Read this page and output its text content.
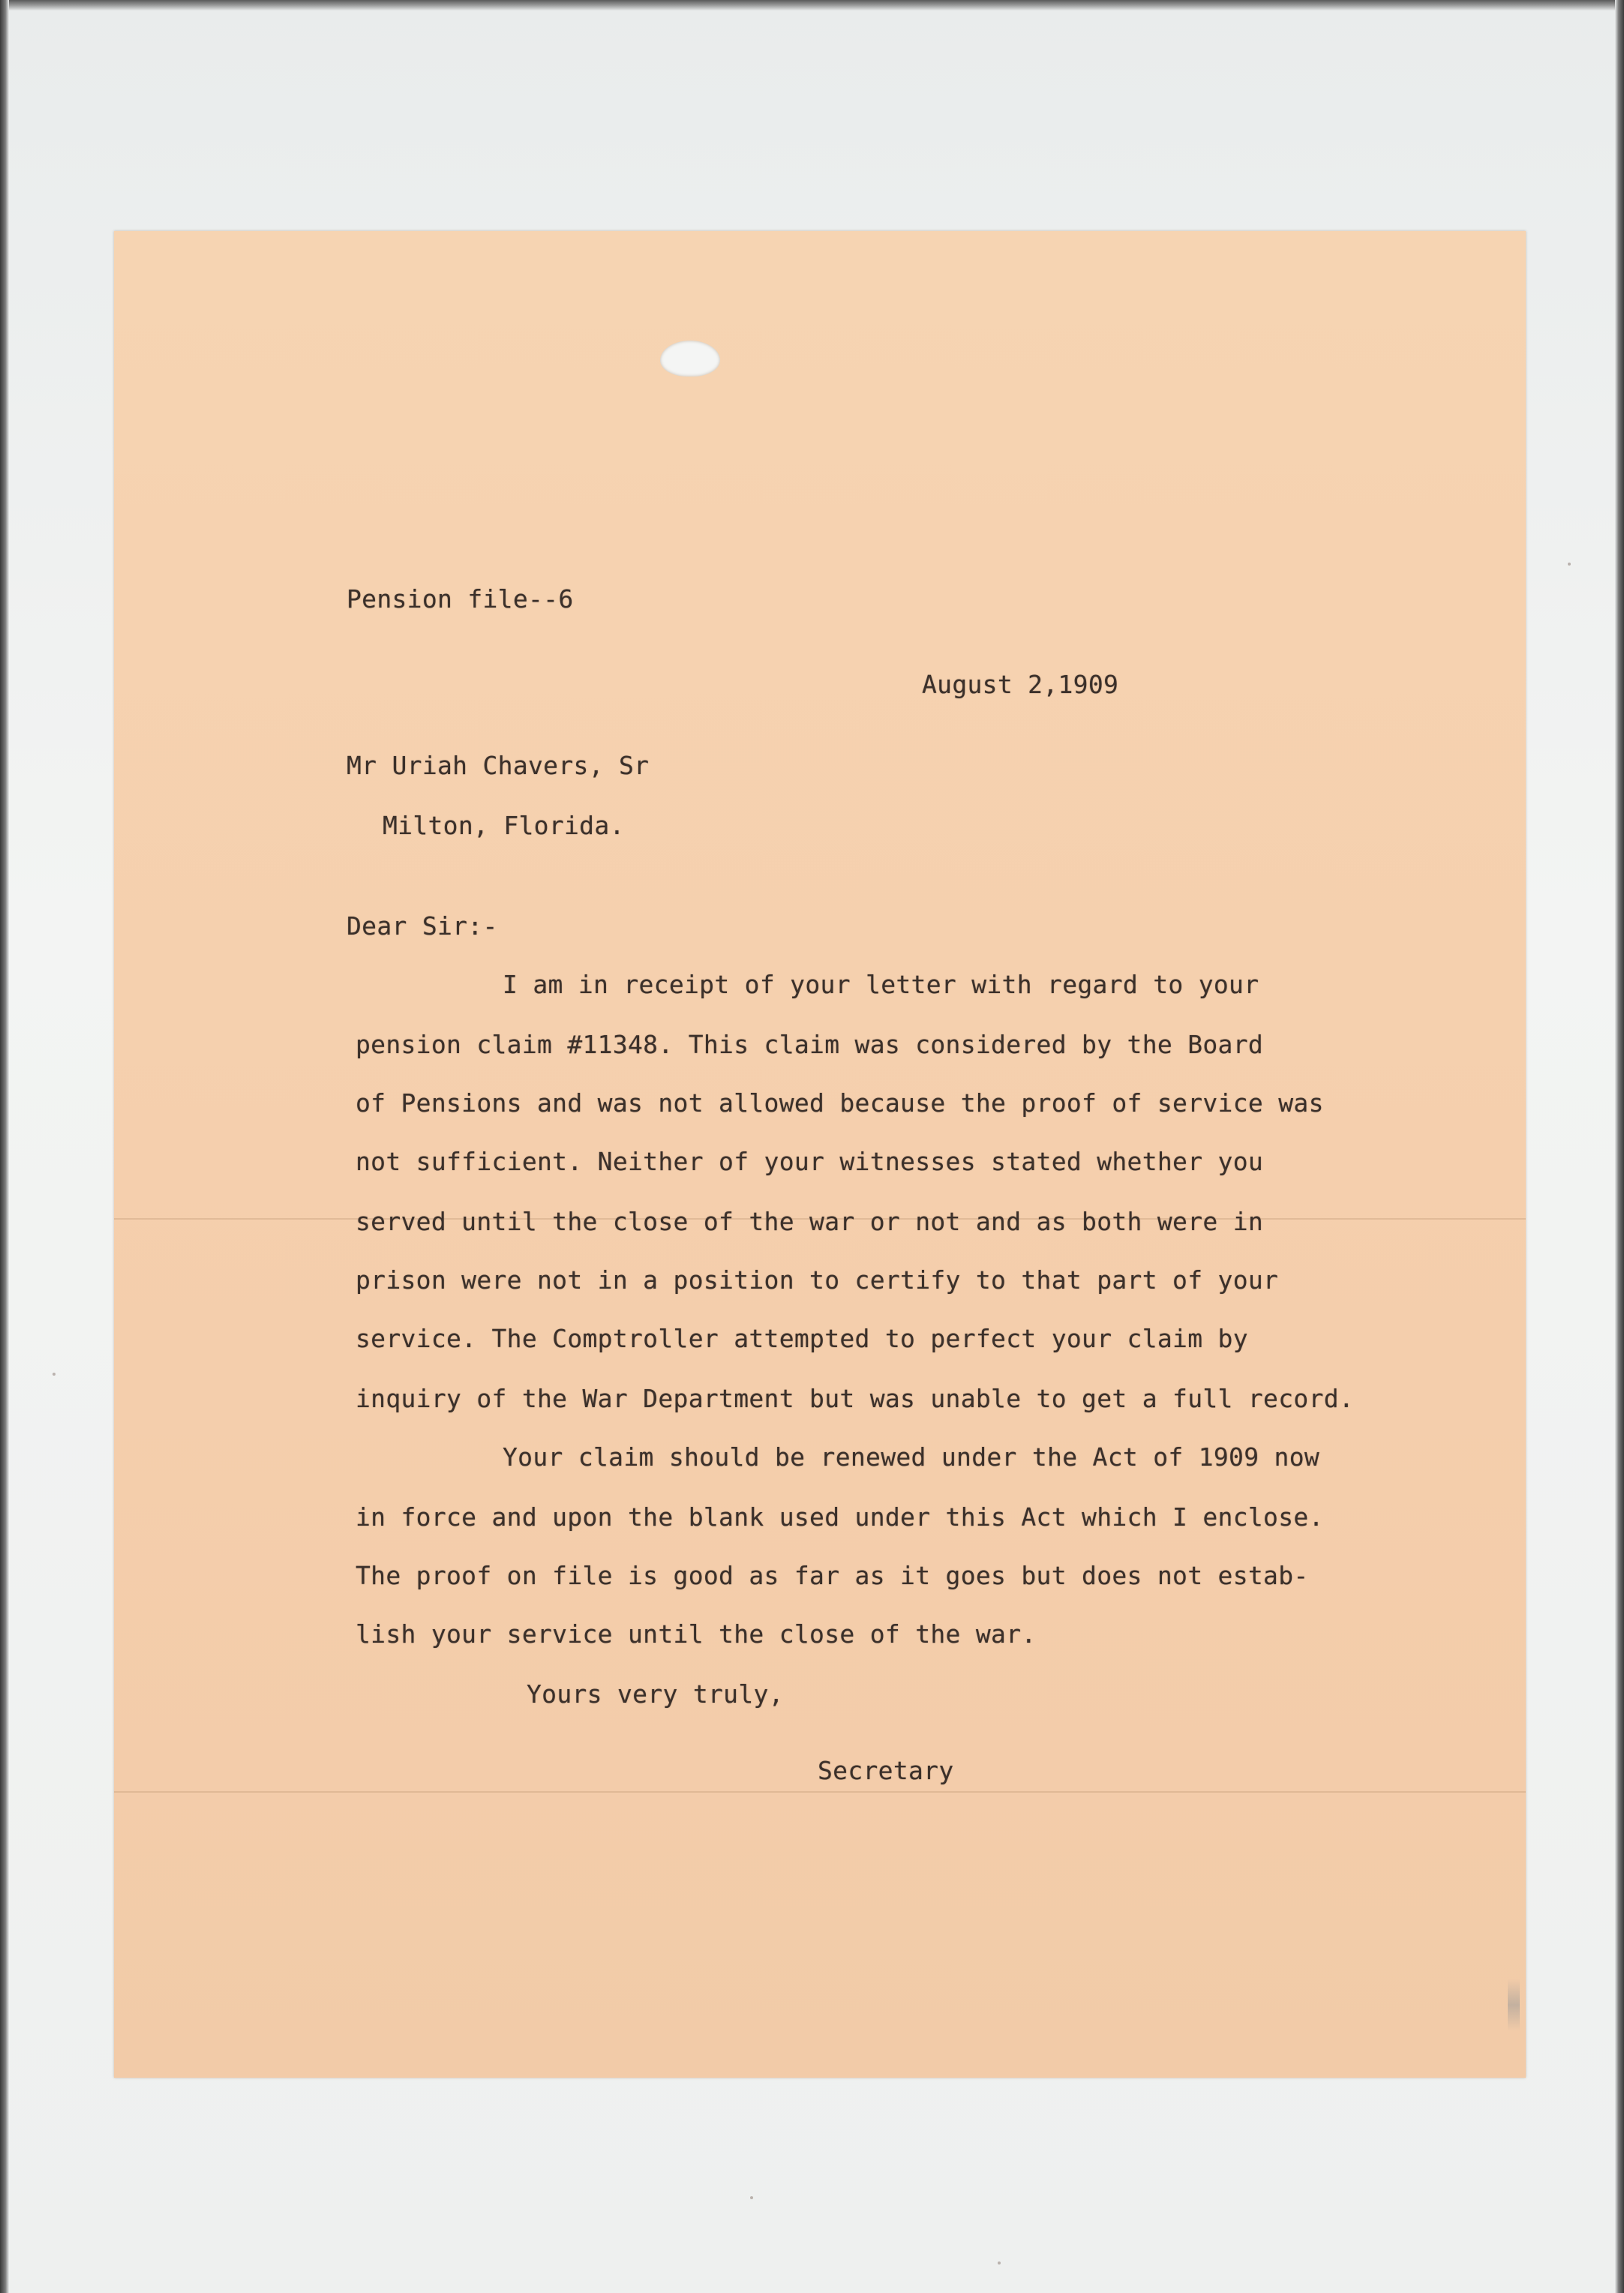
Pension file--6

August 2,1909

Mr Uriah Chavers, Sr

Milton, Florida.

Dear Sir:-

I am in receipt of your letter with regard to your

pension claim #11348. This claim was considered by the Board

of Pensions and was not allowed because the proof of service was

not sufficient. Neither of your witnesses stated whether you

served until the close of the war or not and as both were in

prison were not in a position to certify to that part of your

service. The Comptroller attempted to perfect your claim by

inquiry of the War Department but was unable to get a full record.

Your claim should be renewed under the Act of 1909 now

in force and upon the blank used under this Act which I enclose.

The proof on file is good as far as it goes but does not estab-

lish your service until the close of the war.

Yours very truly,

Secretary
